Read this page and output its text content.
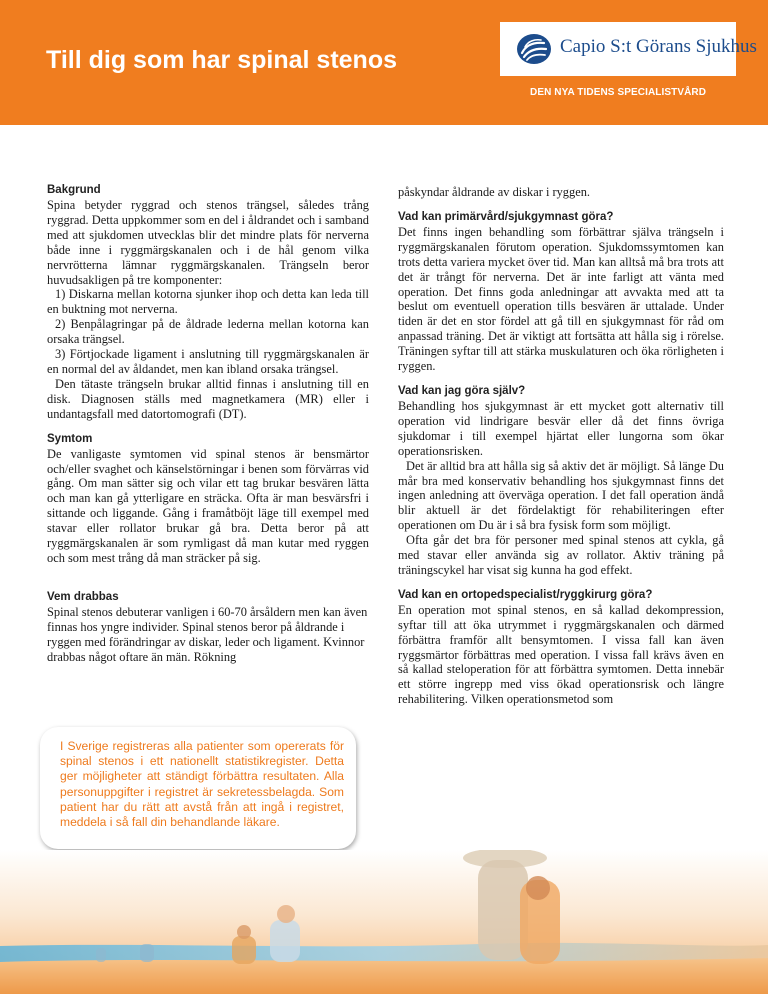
Till dig som har spinal stenos	Capio S:t Görans Sjukhus
DEN NYA TIDENS SPECIALISTVÅRD
Bakgrund

Spina betyder ryggrad och stenos trängsel, således trång ryggrad. Detta uppkommer som en del i åldrandet och i samband med att sjukdomen utvecklas blir det mindre plats för nerverna både inne i ryggmärgskanalen och i de hål genom vilka nervrötterna lämnar ryggmärgskanalen. Trängseln beror huvudsakligen på tre komponenter:

1) Diskarna mellan kotorna sjunker ihop och detta kan leda till en buktning mot nerverna.

2) Benpålagringar på de åldrade lederna mellan kotorna kan orsaka trängsel.

3) Förtjockade ligament i anslutning till ryggmärgskanalen är en normal del av åldandet, men kan ibland orsaka trängsel.

Den tätaste trängseln brukar alltid finnas i anslutning till en disk. Diagnosen ställs med magnetkamera (MR) eller i undantagsfall med datortomografi (DT).

Symtom

De vanligaste symtomen vid spinal stenos är bensmärtor och/eller svaghet och känselstörningar i benen som förvärras vid gång. Om man sätter sig och vilar ett tag brukar besvären lätta och man kan gå ytterligare en sträcka. Ofta är man besvärsfri i sittande och liggande. Gång i framåtböjt läge till exempel med stavar eller rollator brukar gå bra. Detta beror på att ryggmärgskanalen är som rymligast då man kutar med ryggen och som mest trång då man sträcker på sig.

Vem drabbas

Spinal stenos debuterar vanligen i 60-70 årsåldern men kan även finnas hos yngre individer. Spinal stenos beror på åldrande i ryggen med förändringar av diskar, leder och ligament. Kvinnor drabbas något oftare än män. Rökning

påskyndar åldrande av diskar i ryggen.

Vad kan primärvård/sjukgymnast göra?

Det finns ingen behandling som förbättrar själva trängseln i ryggmärgskanalen förutom operation. Sjukdomssymtomen kan trots detta variera mycket över tid. Man kan alltså må bra trots att det är trångt för nerverna. Det är inte farligt att vänta med operation. Det finns goda anledningar att avvakta med att ta beslut om eventuell operation tills besvären är uttalade. Under tiden är det en stor fördel att gå till en sjukgymnast för råd om anpassad träning. Det är viktigt att fortsätta att hålla sig i rörelse. Träningen syftar till att stärka muskulaturen och öka rörligheten i ryggen.

Vad kan jag göra själv?

Behandling hos sjukgymnast är ett mycket gott alternativ till operation vid lindrigare besvär eller då det finns övriga sjukdomar i till exempel hjärtat eller lungorna som ökar operationsrisken.

Det är alltid bra att hålla sig så aktiv det är möjligt. Så länge Du mår bra med konservativ behandling hos sjukgymnast finns det ingen anledning att överväga operation. I det fall operation ändå blir aktuell är det fördelaktigt för rehabiliteringen efter operationen om Du är i så bra fysisk form som möjligt.

Ofta går det bra för personer med spinal stenos att cykla, gå med stavar eller använda sig av rollator. Aktiv träning på träningscykel har visat sig kunna ha god effekt.

Vad kan en ortopedspecialist/ryggkirurg göra?

En operation mot spinal stenos, en så kallad dekompression, syftar till att öka utrymmet i ryggmärgskanalen och därmed förbättra framför allt bensymtomen. I vissa fall kan även ryggsmärtor förbättras med operation. I vissa fall krävs även en så kallad steloperation för att förbättra symtomen. Detta innebär ett större ingrepp med viss ökad operationsrisk och längre rehabilitering. Vilken operationsmetod som

I Sverige registreras alla patienter som opererats för spinal stenos i ett nationellt statistikregister. Detta ger möjligheter att ständigt förbättra resultaten. Alla personuppgifter i registret är sekretessbelagda. Som patient har du rätt att avstå från att ingå i registret, meddela i så fall din behandlande läkare.
